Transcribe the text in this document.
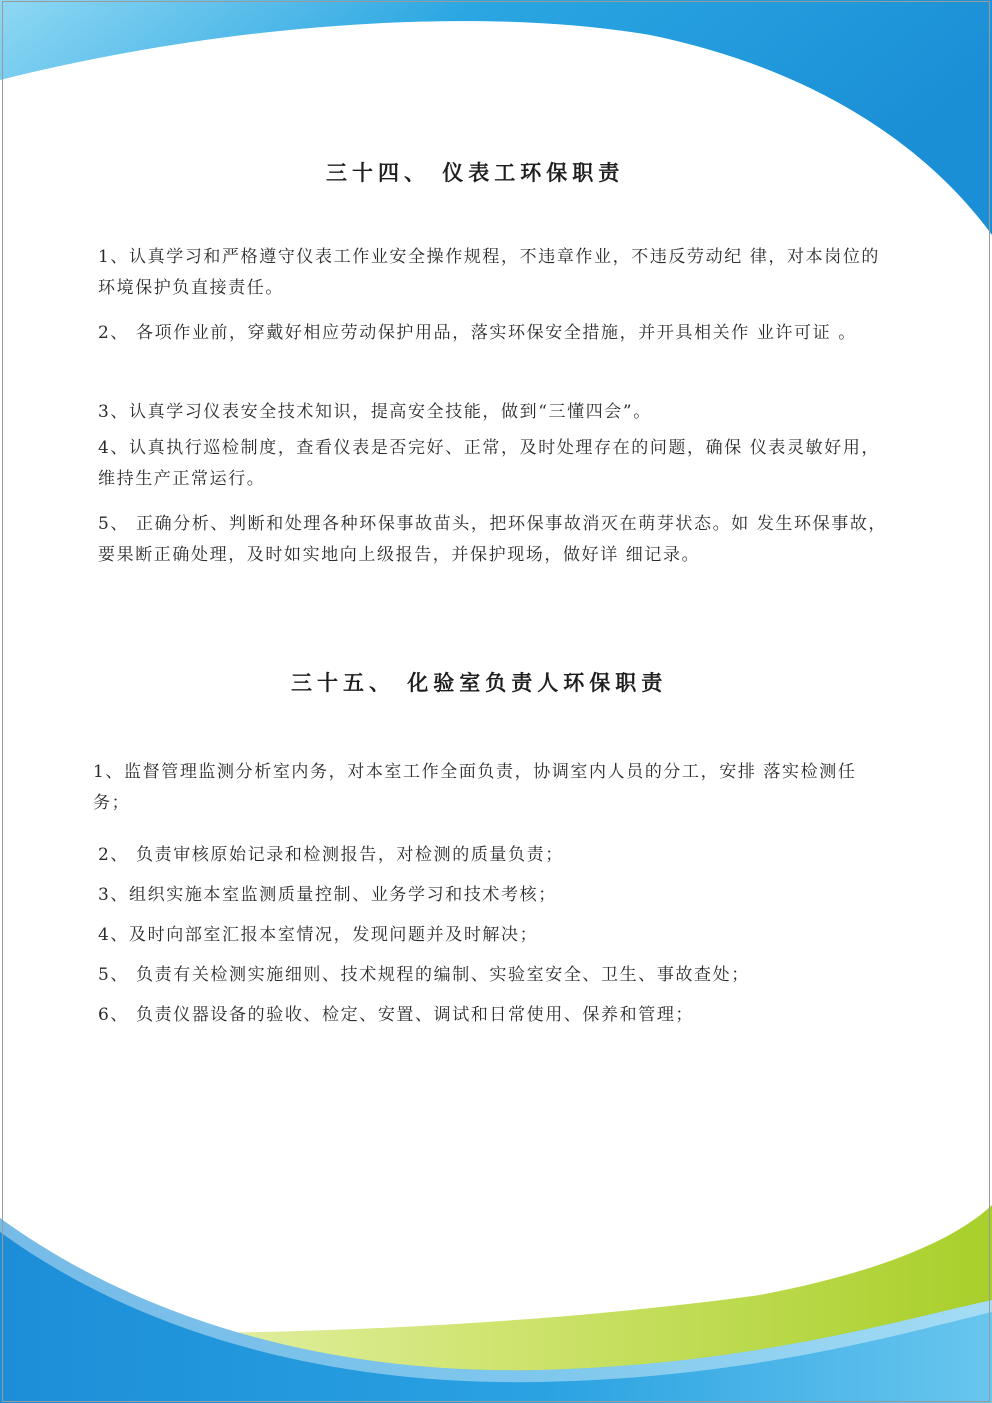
三十四、 仪表工环保职责
1、认真学习和严格遵守仪表工作业安全操作规程，不违章作业，不违反劳动纪 律，对本岗位的环境保护负直接责任。
2、 各项作业前，穿戴好相应劳动保护用品，落实环保安全措施，并开具相关作 业许可证 。
3、认真学习仪表安全技术知识，提高安全技能，做到“三懂四会”。
4、认真执行巡检制度，查看仪表是否完好、正常，及时处理存在的问题，确保 仪表灵敏好用，维持生产正常运行。
5、 正确分析、判断和处理各种环保事故苗头，把环保事故消灭在萌芽状态。如 发生环保事故，要果断正确处理，及时如实地向上级报告，并保护现场，做好详 细记录。
三十五、 化验室负责人环保职责
1、监督管理监测分析室内务，对本室工作全面负责，协调室内人员的分工，安排 落实检测任务；
2、 负责审核原始记录和检测报告，对检测的质量负责；
3、组织实施本室监测质量控制、业务学习和技术考核；
4、及时向部室汇报本室情况，发现问题并及时解决；
5、 负责有关检测实施细则、技术规程的编制、实验室安全、卫生、事故查处；
6、 负责仪器设备的验收、检定、安置、调试和日常使用、保养和管理；
